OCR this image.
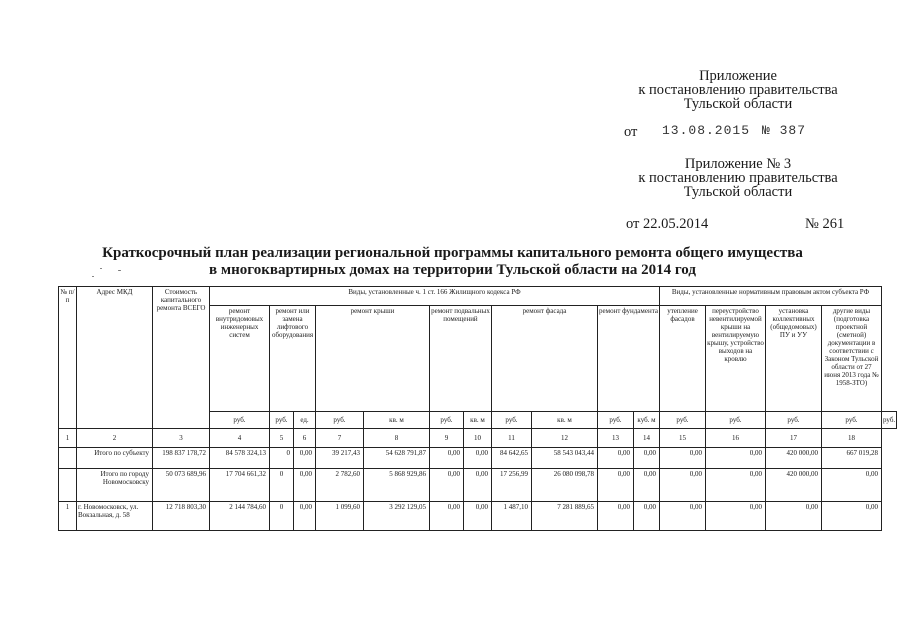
Приложение
к постановлению правительства
Тульской области
от 13.08.2015 № 387
Приложение № 3
к постановлению правительства
Тульской области
от 22.05.2014	№ 261
Краткосрочный план реализации региональной программы капитального ремонта общего имущества
в многоквартирных домах на территории Тульской области на 2014 год
№ п/п	Адрес МКД	Стоимость капитального ремонта ВСЕГО	Виды, установленные ч. 1 ст. 166 Жилищного кодекса РФ											Виды, установленные нормативным правовым актом субъекта РФ				
			ремонт внутридомовых инженерных систем	ремонт или замена лифтового оборудования		ремонт крыши		ремонт подвальных помещений		ремонт фасада		ремонт фундамента		утепление фасадов	переустройство невентилируемой крыши на вентилируемую крышу, устройство выходов на кровлю	установка коллективных (общедомовых) ПУ и УУ	другие виды (подготовка проектной (сметной) документации в соответствии с Законом Тульской области от 27 июня 2013 года № 1958-ЗТО)	
			руб.	руб.	ед.	руб.	кв. м	руб.	кв. м	руб.	кв. м	руб.	куб. м	руб.	руб.	руб.	руб.	руб.
1	2	3	4	5	6	7	8	9	10	11	12	13	14	15	16	17	18	
	Итого по субъекту	198 837 178,72	84 578 324,13	0	0,00	39 217,43	54 628 791,87	0,00	0,00	84 642,65	58 543 043,44	0,00	0,00	0,00	0,00	420 000,00	667 019,28	
	Итого по городу Новомосковску	50 073 689,96	17 704 661,32	0	0,00	2 782,60	5 868 929,86	0,00	0,00	17 256,99	26 080 098,78	0,00	0,00	0,00	0,00	420 000,00	0,00	
1	г. Новомосковск, ул. Вокзальная, д. 58	12 718 803,30	2 144 784,60	0	0,00	1 099,60	3 292 129,05	0,00	0,00	1 487,10	7 281 889,65	0,00	0,00	0,00	0,00	0,00	0,00	
